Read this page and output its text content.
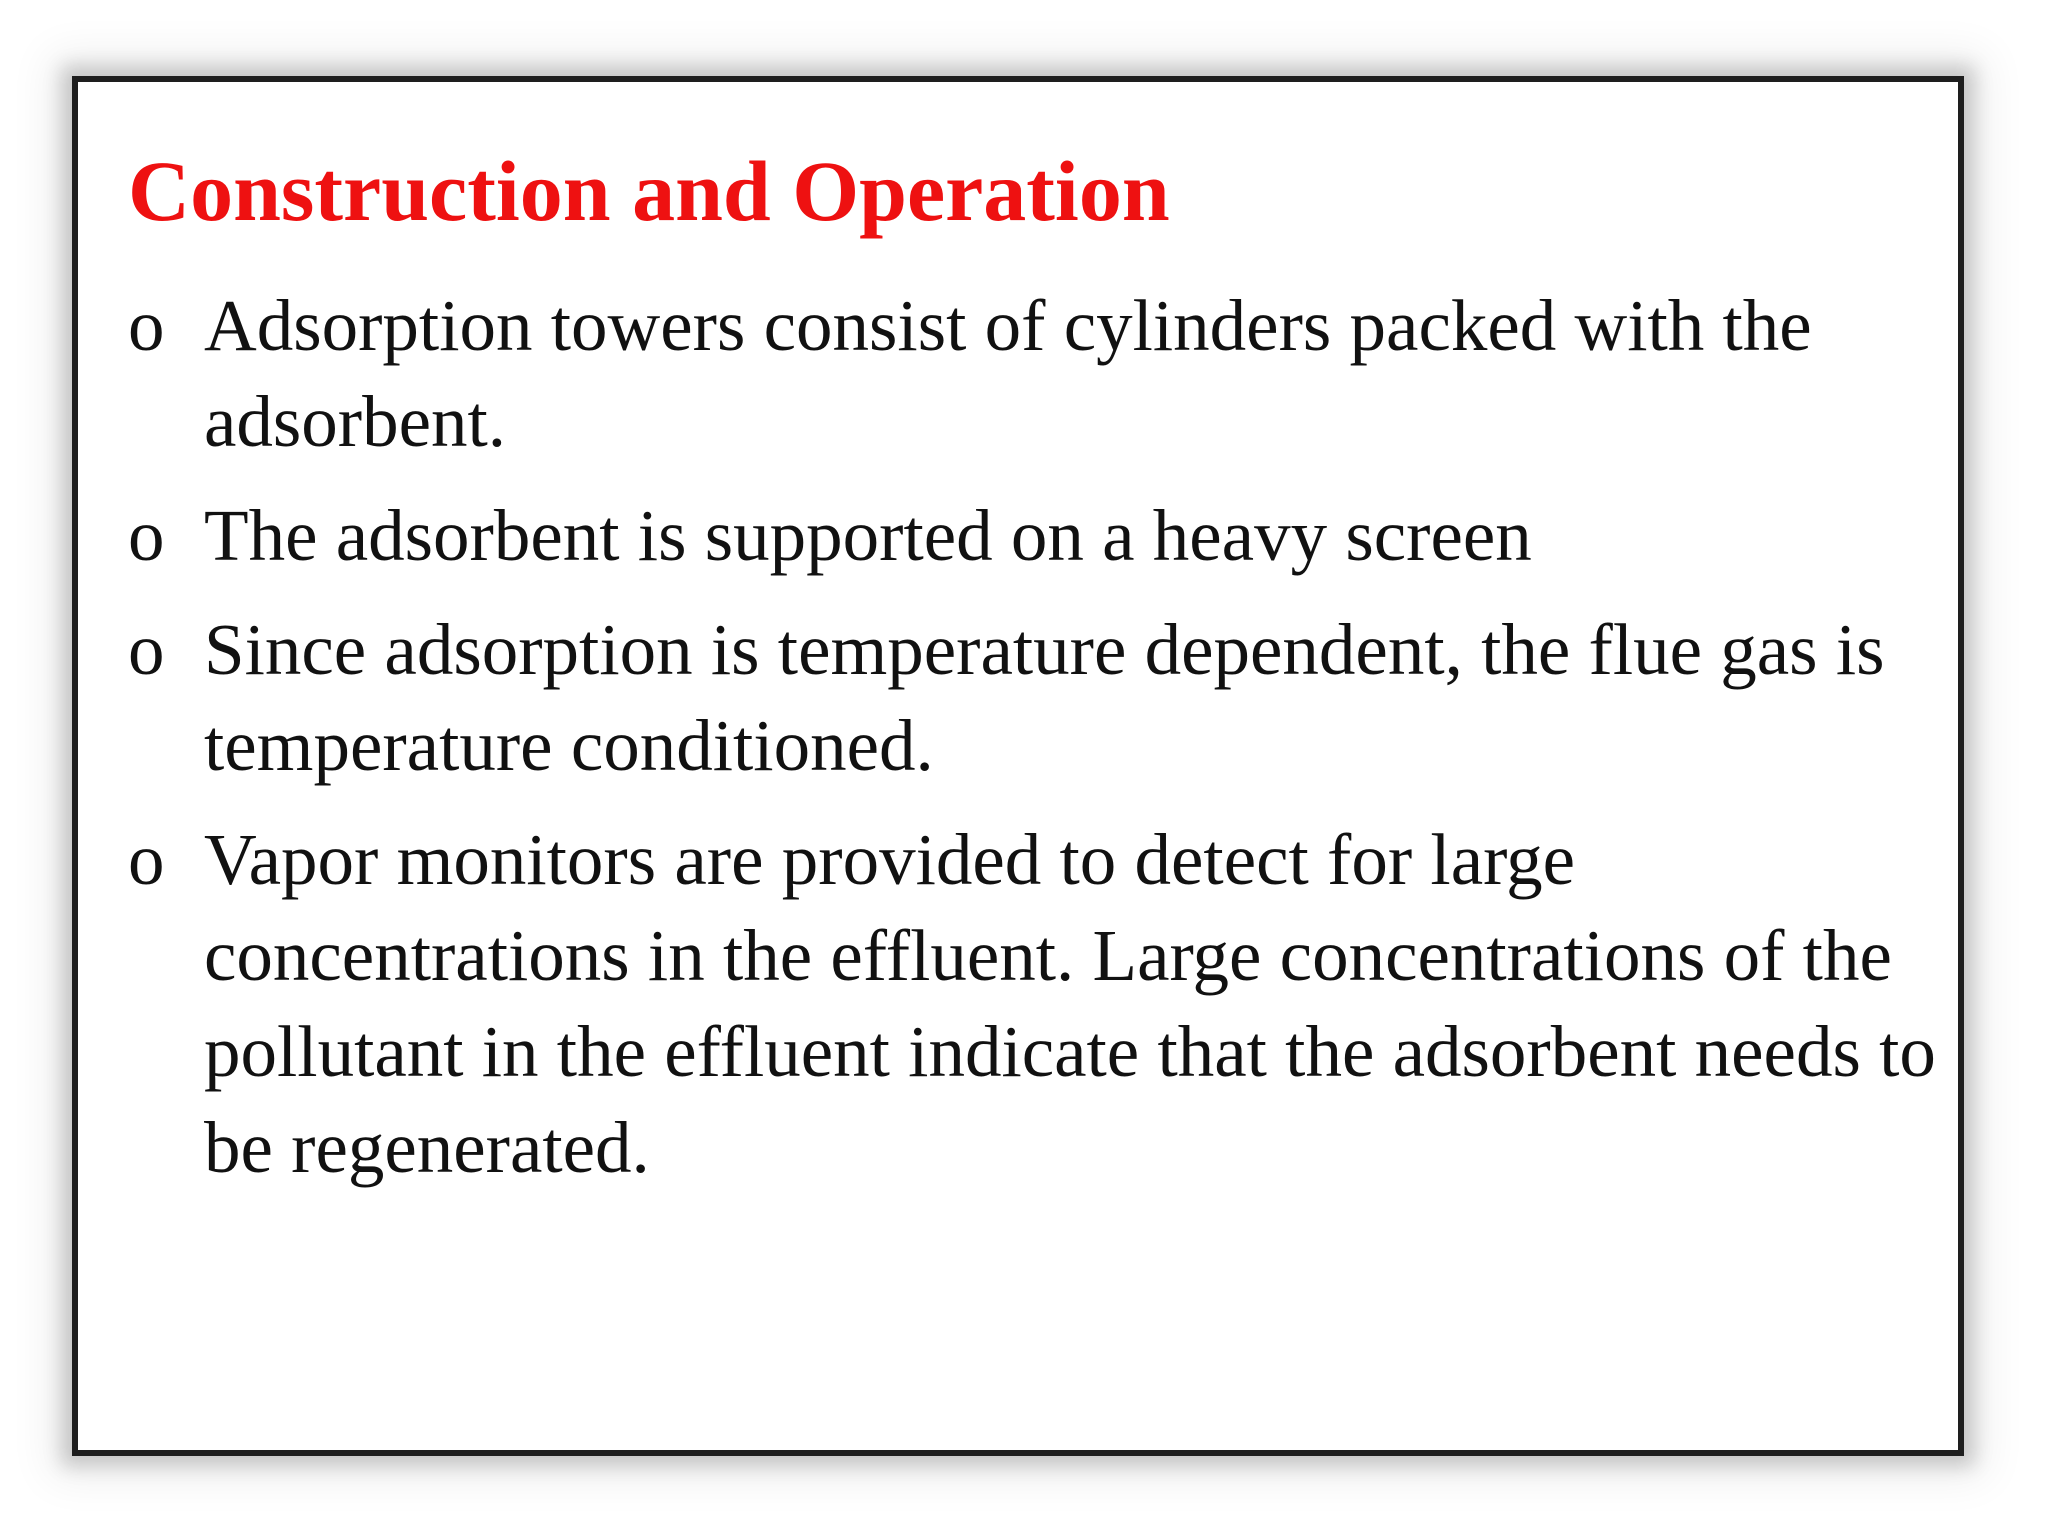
Construction and Operation
o Adsorption towers consist of cylinders packed with the adsorbent.
o The adsorbent is supported on a heavy screen
o Since adsorption is temperature dependent, the flue gas is temperature conditioned.
o Vapor monitors are provided to detect for large concentrations in the effluent. Large concentrations of the pollutant in the effluent indicate that the adsorbent needs to be regenerated.
